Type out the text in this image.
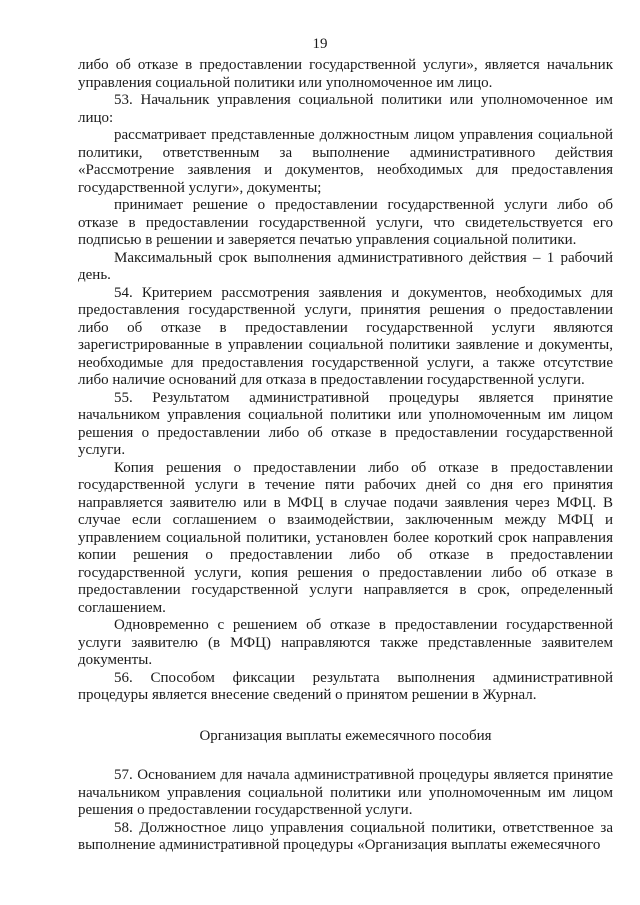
19
либо об отказе в предоставлении государственной услуги», является начальник управления социальной политики или уполномоченное им лицо.
53. Начальник управления социальной политики или уполномоченное им лицо:
рассматривает представленные должностным лицом управления социальной политики, ответственным за выполнение административного действия «Рассмотрение заявления и документов, необходимых для предоставления государственной услуги», документы;
принимает решение о предоставлении государственной услуги либо об отказе в предоставлении государственной услуги, что свидетельствуется его подписью в решении и заверяется печатью управления социальной политики.
Максимальный срок выполнения административного действия – 1 рабочий день.
54. Критерием рассмотрения заявления и документов, необходимых для предоставления государственной услуги, принятия решения о предоставлении либо об отказе в предоставлении государственной услуги являются зарегистрированные в управлении социальной политики заявление и документы, необходимые для предоставления государственной услуги, а также отсутствие либо наличие оснований для отказа в предоставлении государственной услуги.
55. Результатом административной процедуры является принятие начальником управления социальной политики или уполномоченным им лицом решения о предоставлении либо об отказе в предоставлении государственной услуги.
Копия решения о предоставлении либо об отказе в предоставлении государственной услуги в течение пяти рабочих дней со дня его принятия направляется заявителю или в МФЦ в случае подачи заявления через МФЦ. В случае если соглашением о взаимодействии, заключенным между МФЦ и управлением социальной политики, установлен более короткий срок направления копии решения о предоставлении либо об отказе в предоставлении государственной услуги, копия решения о предоставлении либо об отказе в предоставлении государственной услуги направляется в срок, определенный соглашением.
Одновременно с решением об отказе в предоставлении государственной услуги заявителю (в МФЦ) направляются также представленные заявителем документы.
56. Способом фиксации результата выполнения административной процедуры является внесение сведений о принятом решении в Журнал.
Организация выплаты ежемесячного пособия
57. Основанием для начала административной процедуры является принятие начальником управления социальной политики или уполномоченным им лицом решения о предоставлении государственной услуги.
58. Должностное лицо управления социальной политики, ответственное за выполнение административной процедуры «Организация выплаты ежемесячного
